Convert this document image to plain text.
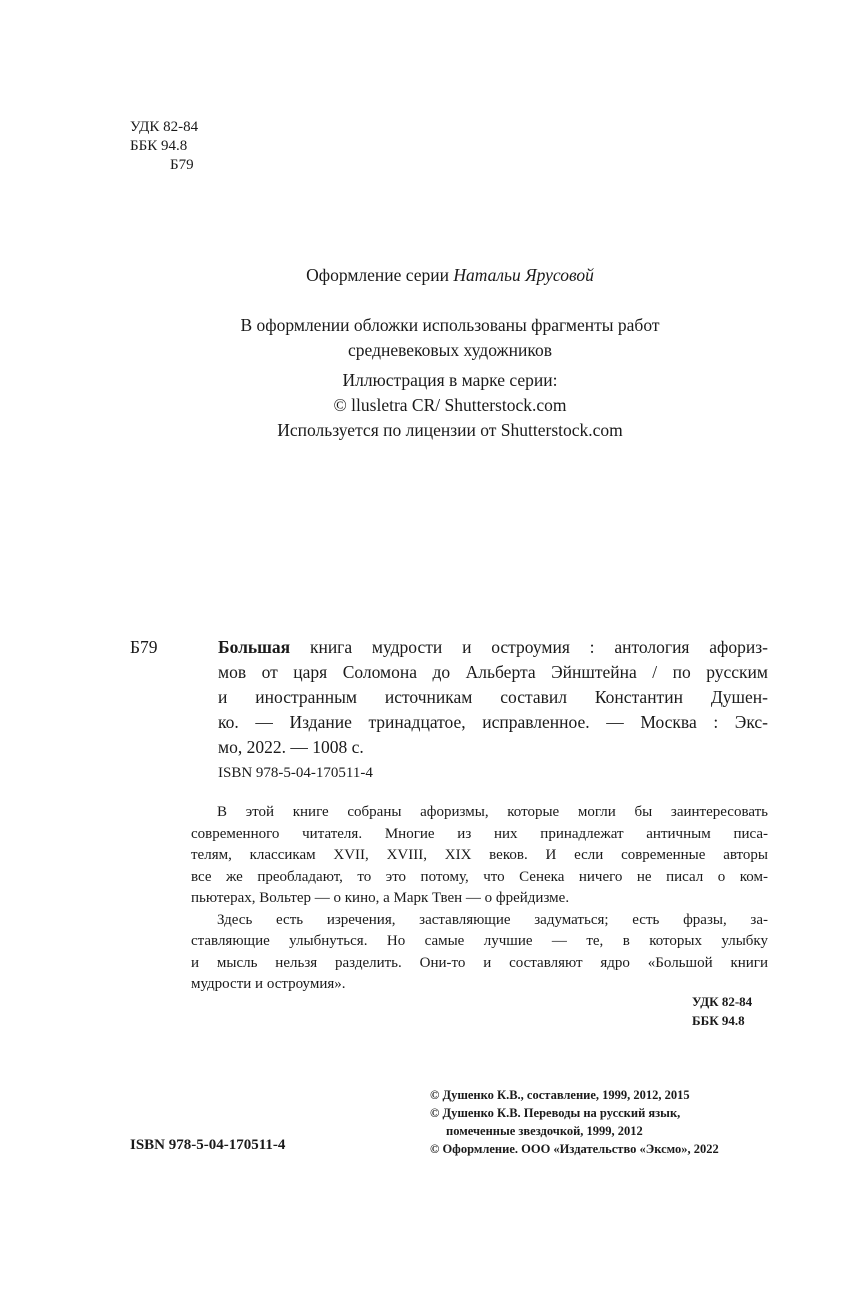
УДК 82-84
ББК 94.8
Б79
Оформление серии Натальи Ярусовой
В оформлении обложки использованы фрагменты работ
средневековых художников
Иллюстрация в марке серии:
© llusletra CR/ Shutterstock.com
Используется по лицензии от Shutterstock.com
Б79	Большая книга мудрости и остроумия : антология афориз-
мов от царя Соломона до Альберта Эйнштейна / по русским
и иностранным источникам составил Константин Душен-
ко. — Издание тринадцатое, исправленное. — Москва : Экс-
мо, 2022. — 1008 с.
ISBN 978-5-04-170511-4
В этой книге собраны афоризмы, которые могли бы заинтересовать
современного читателя. Многие из них принадлежат античным писа-
телям, классикам XVII, XVIII, XIX веков. И если современные авторы
все же преобладают, то это потому, что Сенека ничего не писал о ком-
пьютерах, Вольтер — о кино, а Марк Твен — о фрейдизме.
Здесь есть изречения, заставляющие задуматься; есть фразы, за-
ставляющие улыбнуться. Но самые лучшие — те, в которых улыбку
и мысль нельзя разделить. Они-то и составляют ядро «Большой книги
мудрости и остроумия».
УДК 82-84
ББК 94.8
© Душенко К.В., составление, 1999, 2012, 2015
© Душенко К.В. Переводы на русский язык,
помеченные звездочкой, 1999, 2012
© Оформление. ООО «Издательство «Эксмо», 2022
ISBN 978-5-04-170511-4
